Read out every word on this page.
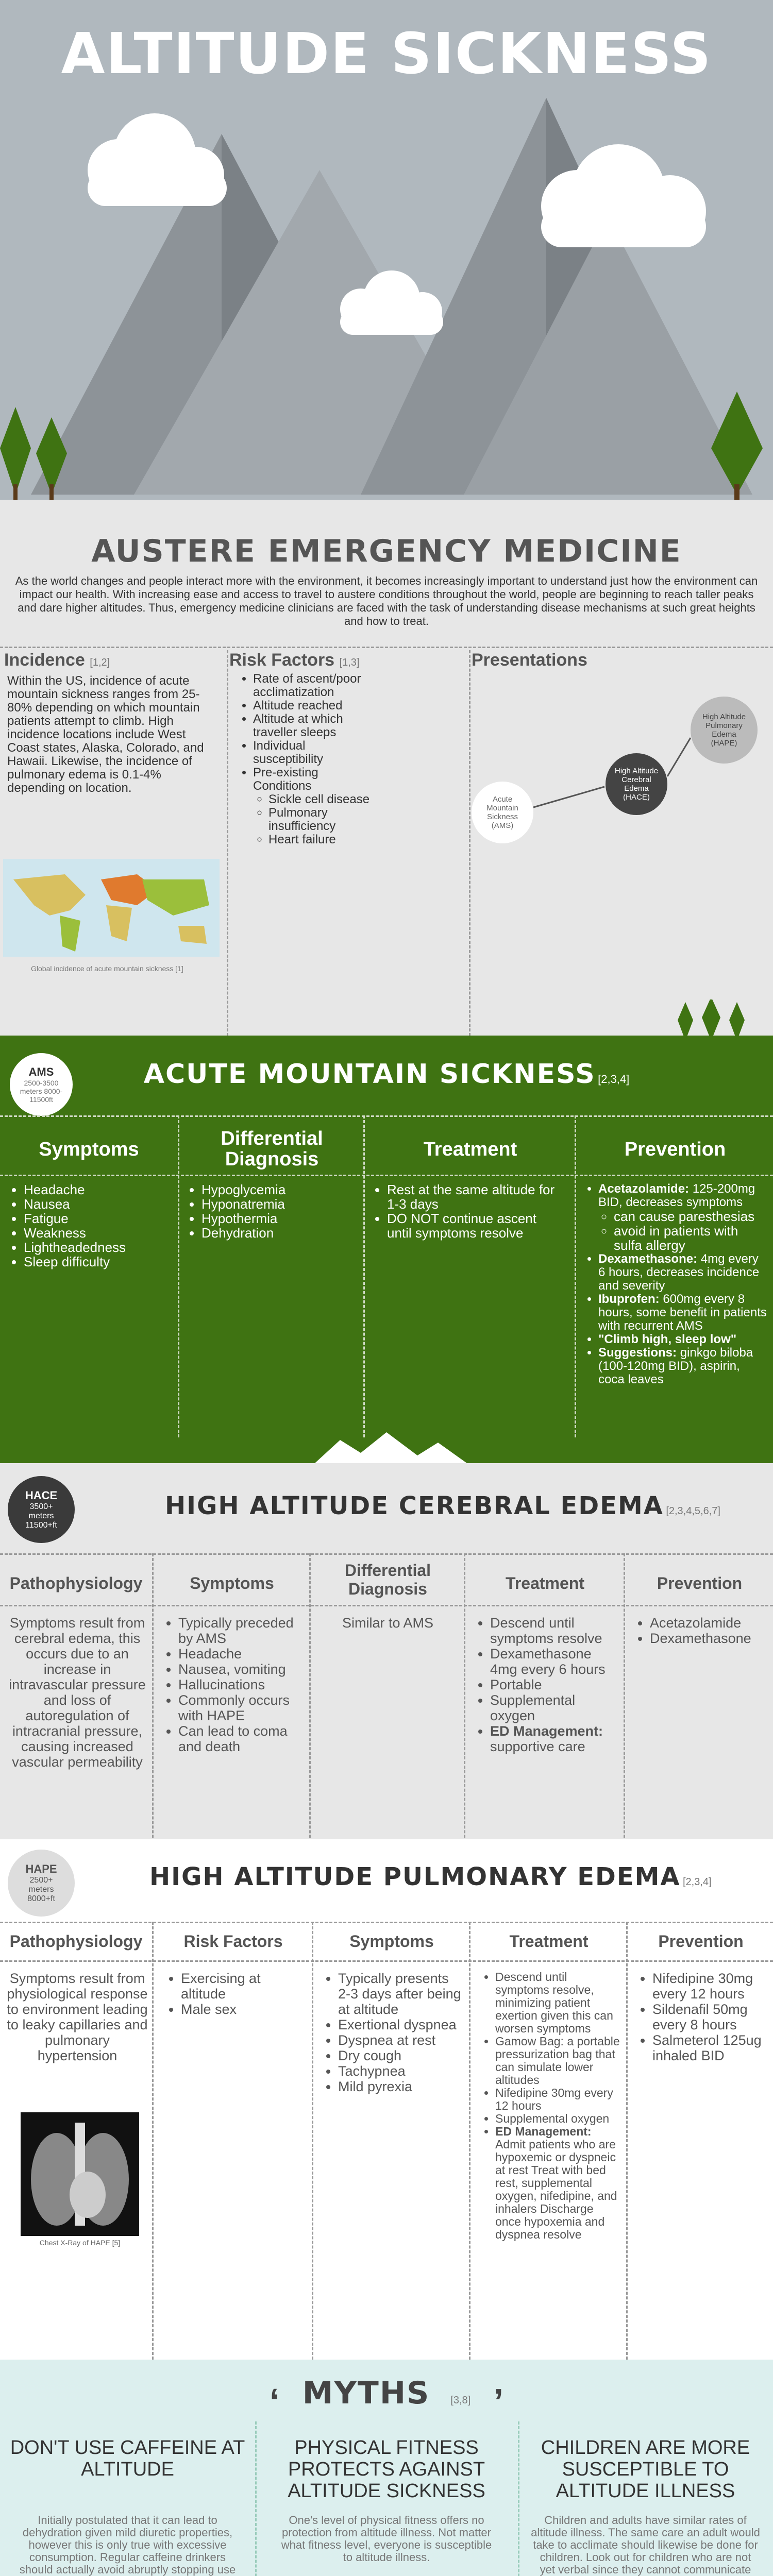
ALTITUDE SICKNESS
AUSTERE EMERGENCY MEDICINE
As the world changes and people interact more with the environment, it becomes increasingly important to understand just how the environment can impact our health. With increasing ease and access to travel to austere conditions throughout the world, people are beginning to reach taller peaks and dare higher altitudes. Thus, emergency medicine clinicians are faced with the task of understanding disease mechanisms at such great heights and how to treat.
Incidence [1,2]
Within the US, incidence of acute mountain sickness ranges from 25-80% depending on which mountain patients attempt to climb. High incidence locations include West Coast states, Alaska, Colorado, and Hawaii. Likewise, the incidence of pulmonary edema is 0.1-4% depending on location.
Global incidence of acute mountain sickness [1]
Risk Factors [1,3]
• Rate of ascent/poor acclimatization
• Altitude reached
• Altitude at which traveller sleeps
• Individual susceptibility
• Pre-existing Conditions
◦ Sickle cell disease
◦ Pulmonary insufficiency
◦ Heart failure
Presentations
Acute Mountain Sickness (AMS)
High Altitude Cerebral Edema (HACE)
High Altitude Pulmonary Edema (HAPE)
AMS
2500-3500 meters 8000-11500ft
ACUTE MOUNTAIN SICKNESS [2,3,4]
Symptoms	Differential Diagnosis	Treatment	Prevention
• Headache
• Nausea
• Fatigue
• Weakness
• Lightheadedness
• Sleep difficulty
• Hypoglycemia
• Hyponatremia
• Hypothermia
• Dehydration
• Rest at the same altitude for 1-3 days
• DO NOT continue ascent until symptoms resolve
• Acetazolamide: 125-200mg BID, decreases symptoms
◦ can cause paresthesias
◦ avoid in patients with sulfa allergy
• Dexamethasone: 4mg every 6 hours, decreases incidence and severity
• Ibuprofen: 600mg every 8 hours, some benefit in patients with recurrent AMS
• "Climb high, sleep low"
• Suggestions: ginkgo biloba (100-120mg BID), aspirin, coca leaves
HACE
3500+ meters 11500+ft
HIGH ALTITUDE CEREBRAL EDEMA [2,3,4,5,6,7]
Pathophysiology	Symptoms
Differential Diagnosis	Treatment	Prevention
Symptoms result from cerebral edema, this occurs due to an increase in intravascular pressure and loss of autoregulation of intracranial pressure, causing increased vascular permeability
• Typically preceded by AMS
• Headache
• Nausea, vomiting
• Hallucinations
• Commonly occurs with HAPE
• Can lead to coma and death
Similar to AMS
•	Descend until symptoms resolve
• Dexamethasone 4mg every 6 hours
• Portable
• Supplemental oxygen
• ED Management: supportive care
• Acetazolamide
• Dexamethasone
HAPE
2500+ meters 8000+ft
HIGH ALTITUDE PULMONARY EDEMA [2,3,4]
Pathophysiology	Risk Factors	Symptoms	Treatment	Prevention
Symptoms result from physiological response to environment leading to leaky capillaries and pulmonary hypertension
Chest X-Ray of HAPE [5]
• Exercising at altitude
• Male sex
• Typically presents 2-3 days after being at altitude
• Exertional dyspnea
• Dyspnea at rest
• Dry cough
• Tachypnea
• Mild pyrexia
• Descend until symptoms resolve, minimizing patient exertion given this can worsen symptoms
• Gamow Bag: a portable pressurization bag that can simulate lower altitudes
• Nifedipine 30mg every 12 hours
• Supplemental oxygen
• ED Management: Admit patients who are hypoxemic or dyspneic at rest Treat with bed rest, supplemental oxygen, nifedipine, and inhalers Discharge once hypoxemia and dyspnea resolve
• Nifedipine 30mg every 12 hours
• Sildenafil 50mg every 8 hours
• Salmeterol 125ug inhaled BID
‘ MYTHS [3,8] ’
DON'T USE CAFFEINE AT ALTITUDE
Initially postulated that it can lead to dehydration given mild diuretic properties, however this is only true with excessive consumption. Regular caffeine drinkers should actually avoid abruptly stopping use
PHYSICAL FITNESS PROTECTS AGAINST ALTITUDE SICKNESS
One's level of physical fitness offers no protection from altitude illness. Not matter what fitness level, everyone is susceptible to altitude illness.
CHILDREN ARE MORE SUSCEPTIBLE TO ALTITUDE ILLNESS
Children and adults have similar rates of altitude illness. The same care an adult would take to acclimate should likewise be done for children. Look out for children who are not yet verbal since they cannot communicate
